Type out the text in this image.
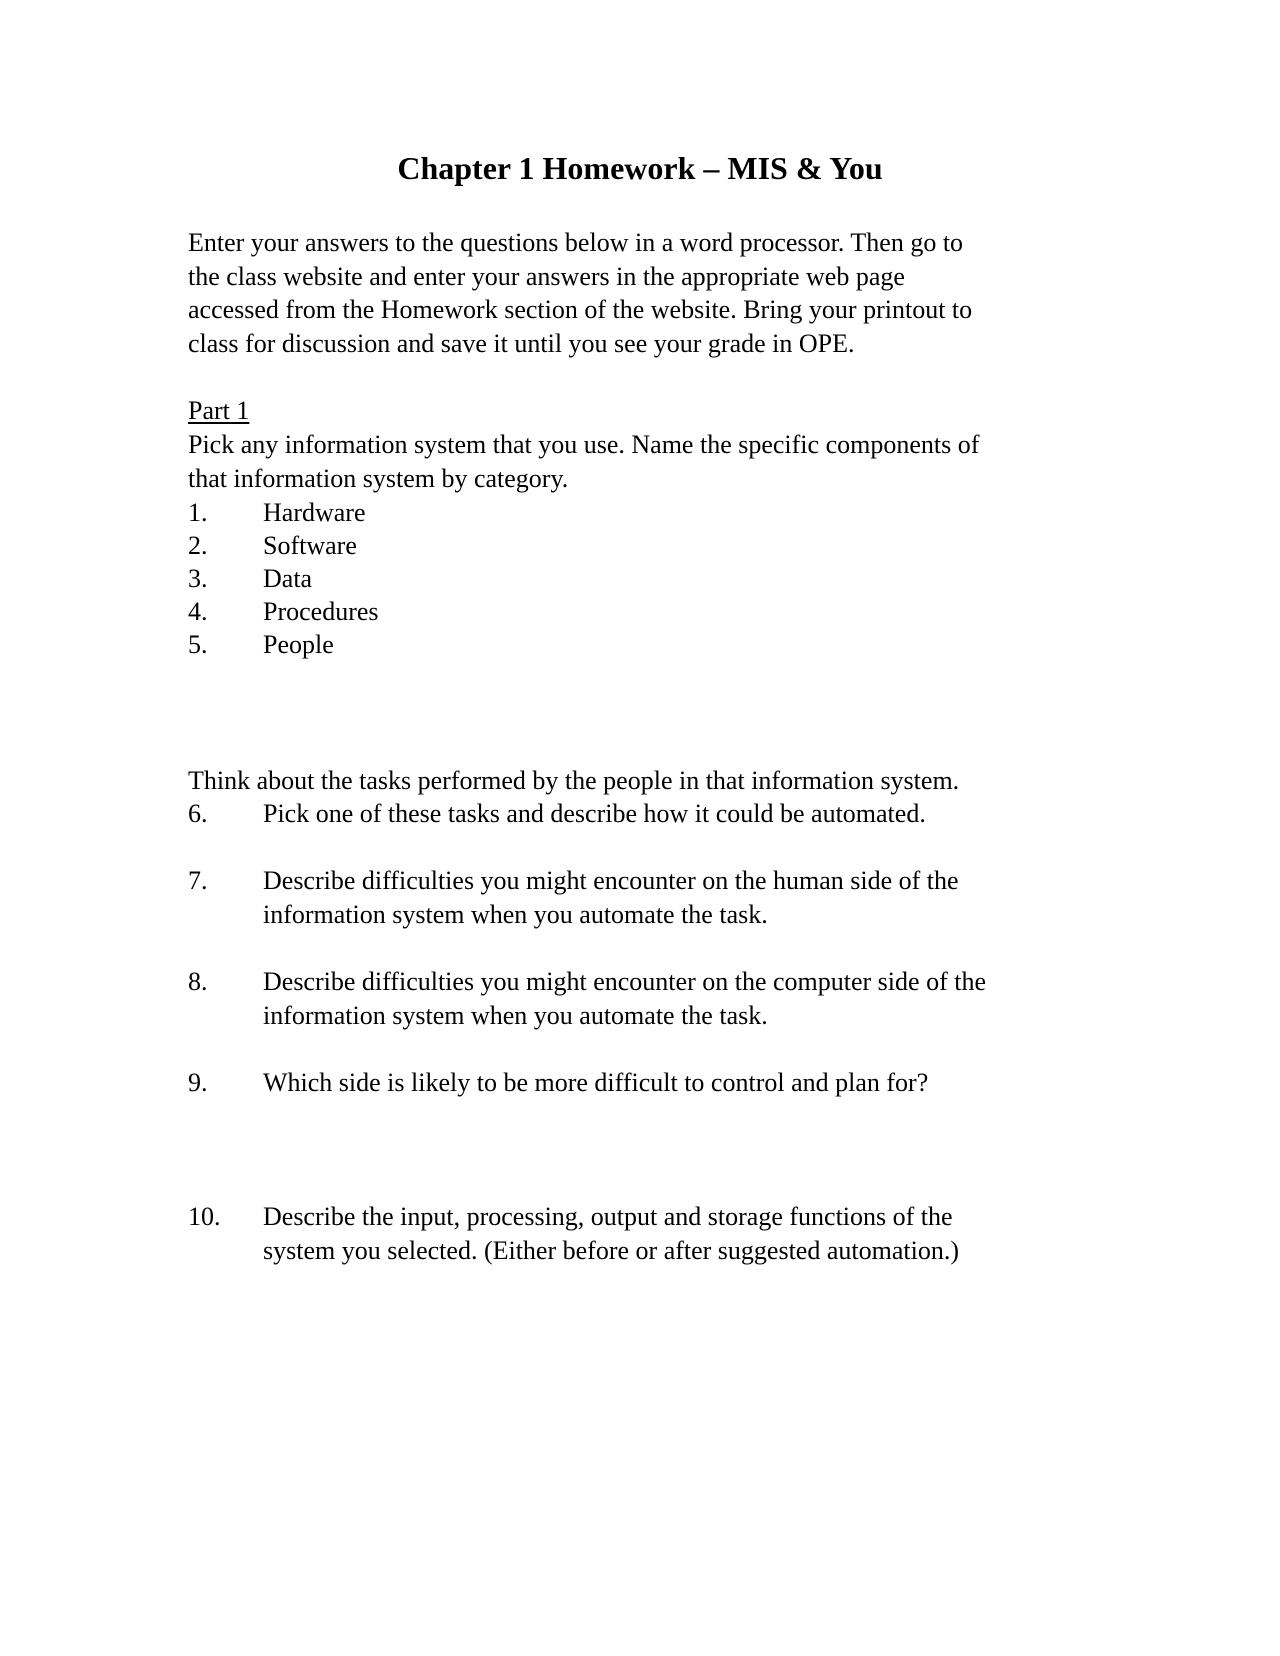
Chapter 1 Homework – MIS & You

Enter your answers to the questions below in a word processor. Then go to
the class website and enter your answers in the appropriate web page
accessed from the Homework section of the website. Bring your printout to
class for discussion and save it until you see your grade in OPE.

Part 1

Pick any information system that you use. Name the specific components of
that information system by category.

1. Hardware
2. Software
3. Data
4. Procedures
5. People

Think about the tasks performed by the people in that information system.

6. Pick one of these tasks and describe how it could be automated.
7. Describe difficulties you might encounter on the human side of the
information system when you automate the task.
8. Describe difficulties you might encounter on the computer side of the
information system when you automate the task.
9. Which side is likely to be more difficult to control and plan for?
10. Describe the input, processing, output and storage functions of the
system you selected. (Either before or after suggested automation.)
